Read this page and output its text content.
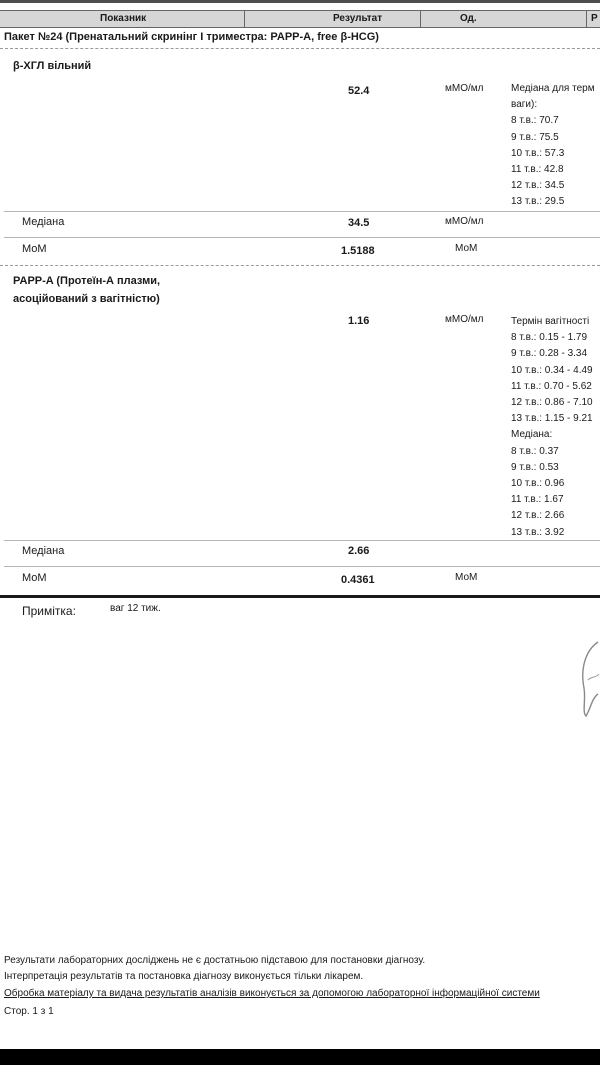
Показник	Результат	Од.	Р
Пакет №24 (Пренатальний скринінг І триместра: PAPP-A, free β-HCG)
β-ХГЛ вільний
52.4	мМО/мл	Медіана для терм
ваги):
8 т.в.: 70.7
9 т.в.: 75.5
10 т.в.: 57.3
11 т.в.: 42.8
12 т.в.: 34.5
13 т.в.: 29.5
Медіана	34.5	мМО/мл
МоМ	1.5188	МоМ
PAPP-A (Протеїн-А плазми,
асоційований з вагітністю)
1.16	мМО/мл	Термін вагітності
8 т.в.: 0.15 - 1.79
9 т.в.: 0.28 - 3.34
10 т.в.: 0.34 - 4.49
11 т.в.: 0.70 - 5.62
12 т.в.: 0.86 - 7.10
13 т.в.: 1.15 - 9.21
Медіана:
8 т.в.: 0.37
9 т.в.: 0.53
10 т.в.: 0.96
11 т.в.: 1.67
12 т.в.: 2.66
13 т.в.: 3.92
Медіана	2.66
МоМ	0.4361	МоМ
Примітка:	ваг 12 тиж.
Результати лабораторних досліджень не є достатньою підставою для постановки діагнозу.
Інтерпретація результатів та постановка діагнозу виконується тільки лікарем.
Обробка матеріалу та видача результатів аналізів виконується за допомогою лабораторної інформаційної системи
Стор. 1 з 1
